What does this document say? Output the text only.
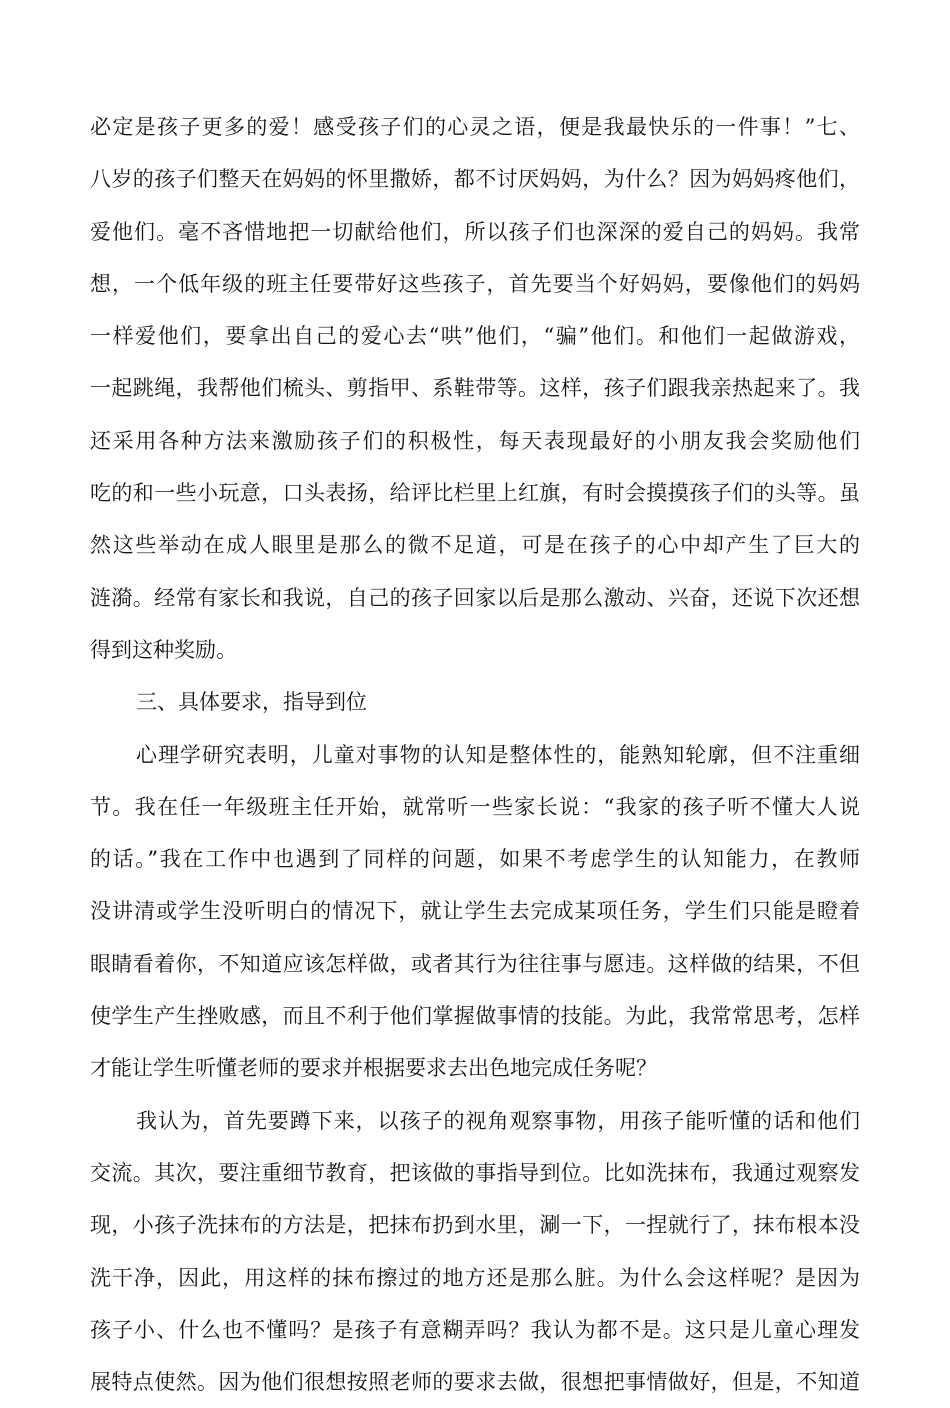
必定是孩子更多的爱！感受孩子们的心灵之语，便是我最快乐的一件事！”七、
八岁的孩子们整天在妈妈的怀里撒娇，都不讨厌妈妈，为什么？因为妈妈疼他们，
爱他们。毫不吝惜地把一切献给他们，所以孩子们也深深的爱自己的妈妈。我常
想，一个低年级的班主任要带好这些孩子，首先要当个好妈妈，要像他们的妈妈
一样爱他们，要拿出自己的爱心去“哄”他们，“骗”他们。和他们一起做游戏，
一起跳绳，我帮他们梳头、剪指甲、系鞋带等。这样，孩子们跟我亲热起来了。我
还采用各种方法来激励孩子们的积极性，每天表现最好的小朋友我会奖励他们
吃的和一些小玩意，口头表扬，给评比栏里上红旗，有时会摸摸孩子们的头等。虽
然这些举动在成人眼里是那么的微不足道，可是在孩子的心中却产生了巨大的
涟漪。经常有家长和我说，自己的孩子回家以后是那么激动、兴奋，还说下次还想
得到这种奖励。
三、具体要求，指导到位
心理学研究表明，儿童对事物的认知是整体性的，能熟知轮廓，但不注重细
节。我在任一年级班主任开始，就常听一些家长说：“我家的孩子听不懂大人说
的话。”我在工作中也遇到了同样的问题，如果不考虑学生的认知能力，在教师
没讲清或学生没听明白的情况下，就让学生去完成某项任务，学生们只能是瞪着
眼睛看着你，不知道应该怎样做，或者其行为往往事与愿违。这样做的结果，不但
使学生产生挫败感，而且不利于他们掌握做事情的技能。为此，我常常思考，怎样
才能让学生听懂老师的要求并根据要求去出色地完成任务呢？
我认为，首先要蹲下来，以孩子的视角观察事物，用孩子能听懂的话和他们
交流。其次，要注重细节教育，把该做的事指导到位。比如洗抹布，我通过观察发
现，小孩子洗抹布的方法是，把抹布扔到水里，涮一下，一捏就行了，抹布根本没
洗干净，因此，用这样的抹布擦过的地方还是那么脏。为什么会这样呢？是因为
孩子小、什么也不懂吗？是孩子有意糊弄吗？我认为都不是。这只是儿童心理发
展特点使然。因为他们很想按照老师的要求去做，很想把事情做好，但是，不知道
